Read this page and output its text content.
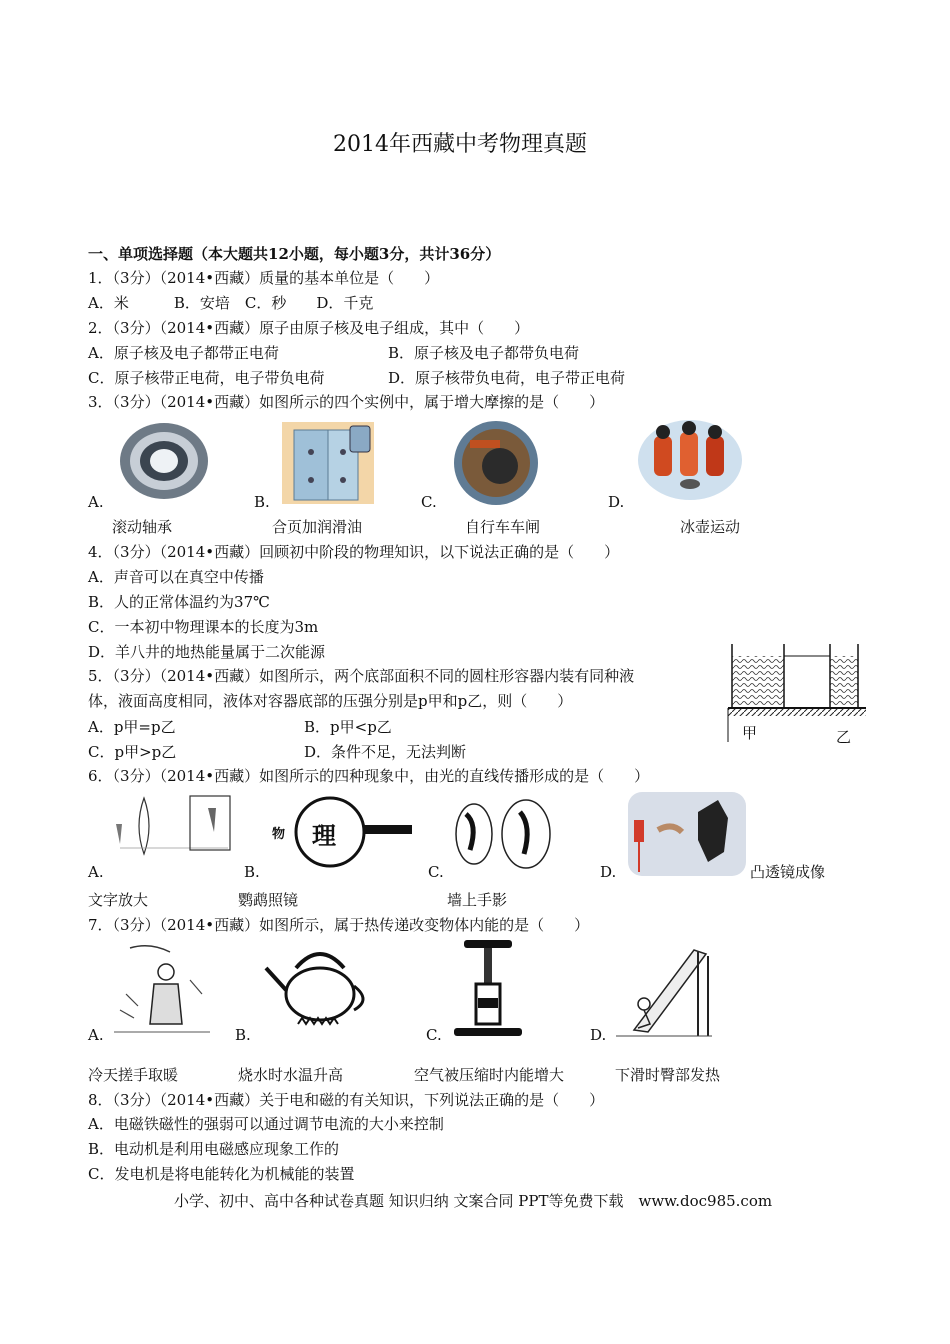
2014年西藏中考物理真题
一、单项选择题（本大题共12小题，每小题3分，共计36分）
1．（3分）（2014•西藏）质量的基本单位是（　　）
A．米　　　B．安培　C．秒　　D．千克
2．（3分）（2014•西藏）原子由原子核及电子组成，其中（　　）
A．原子核及电子都带正电荷	B．原子核及电子都带负电荷
C．原子核带正电荷，电子带负电荷	D．原子核带负电荷，电子带正电荷
3．（3分）（2014•西藏）如图所示的四个实例中，属于增大摩擦的是（　　）
A.	B.	C.	D.
滚动轴承	合页加润滑油	自行车车闸	冰壶运动
4．（3分）（2014•西藏）回顾初中阶段的物理知识，以下说法正确的是（　　）
A．声音可以在真空中传播
B．人的正常体温约为37℃
C．一本初中物理课本的长度为3m
D．羊八井的地热能量属于二次能源
5．（3分）（2014•西藏）如图所示，两个底部面积不同的圆柱形容器内装有同种液
体，液面高度相同，液体对容器底部的压强分别是p甲和p乙，则（　　）
A．p甲=p乙	B．p甲<p乙
C．p甲>p乙	D．条件不足，无法判断
甲	乙
6．（3分）（2014•西藏）如图所示的四种现象中，由光的直线传播形成的是（　　）
物 理
A.	B.	C.	D.	凸透镜成像
文字放大	鹦鹉照镜	墙上手影
7．（3分）（2014•西藏）如图所示，属于热传递改变物体内能的是（　　）
A.	B.	C.	D.
冷天搓手取暖	烧水时水温升高	空气被压缩时内能增大	下滑时臀部发热
8．（3分）（2014•西藏）关于电和磁的有关知识，下列说法正确的是（　　）
A．电磁铁磁性的强弱可以通过调节电流的大小来控制
B．电动机是利用电磁感应现象工作的
C．发电机是将电能转化为机械能的装置
小学、初中、高中各种试卷真题 知识归纳 文案合同 PPT等免费下载　www.doc985.com
